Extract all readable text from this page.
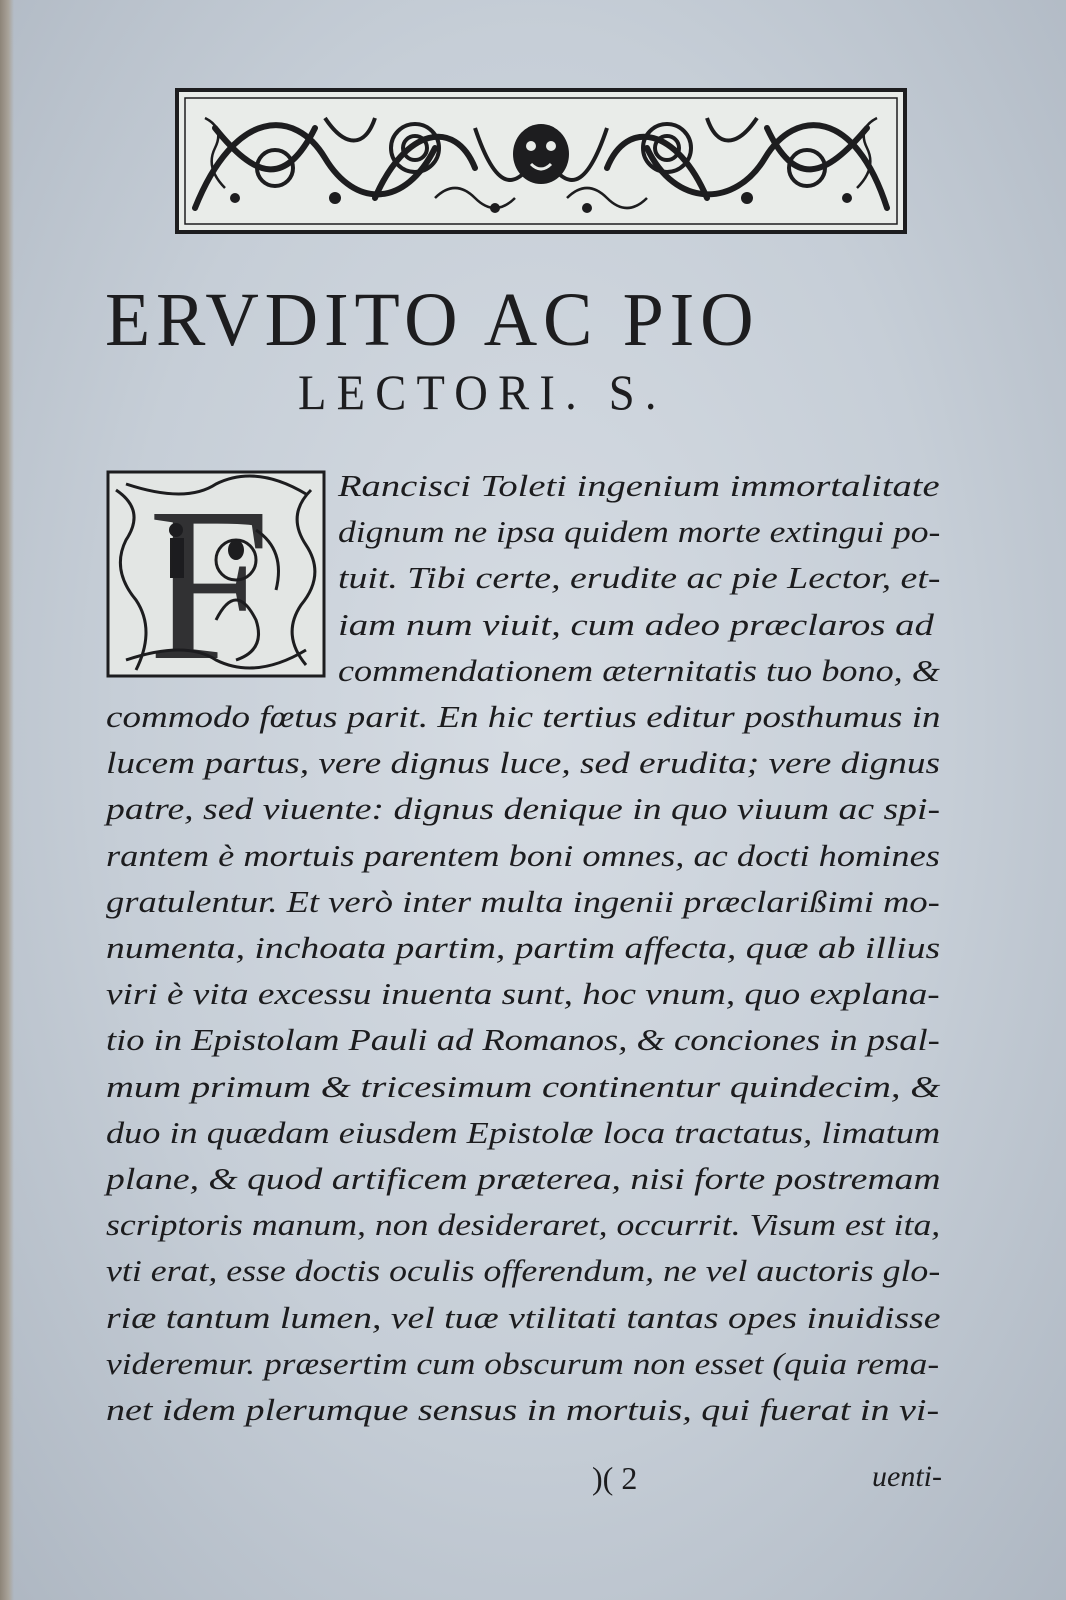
ERVDITO AC PIO
LECTORI. S.
F Rancisci Toleti ingenium immortalitate
dignum ne ipsa quidem morte extingui po-
tuit. Tibi certe, erudite ac pie Lector, et-
iam num viuit, cum adeo præclaros ad
commendationem æternitatis tuo bono, &
commodo fœtus parit. En hic tertius editur posthumus in
lucem partus, vere dignus luce, sed erudita; vere dignus
patre, sed viuente: dignus denique in quo viuum ac spi-
rantem è mortuis parentem boni omnes, ac docti homines
gratulentur. Et verò inter multa ingenii præclarißimi mo-
numenta, inchoata partim, partim affecta, quæ ab illius
viri è vita excessu inuenta sunt, hoc vnum, quo explana-
tio in Epistolam Pauli ad Romanos, & conciones in psal-
mum primum & tricesimum continentur quindecim, &
duo in quædam eiusdem Epistolæ loca tractatus, limatum
plane, & quod artificem præterea, nisi forte postremam
scriptoris manum, non desideraret, occurrit. Visum est ita,
vti erat, esse doctis oculis offerendum, ne vel auctoris glo-
riæ tantum lumen, vel tuæ vtilitati tantas opes inuidisse
videremur. præsertim cum obscurum non esset (quia rema-
net idem plerumque sensus in mortuis, qui fuerat in vi-
)( 2	uenti-
